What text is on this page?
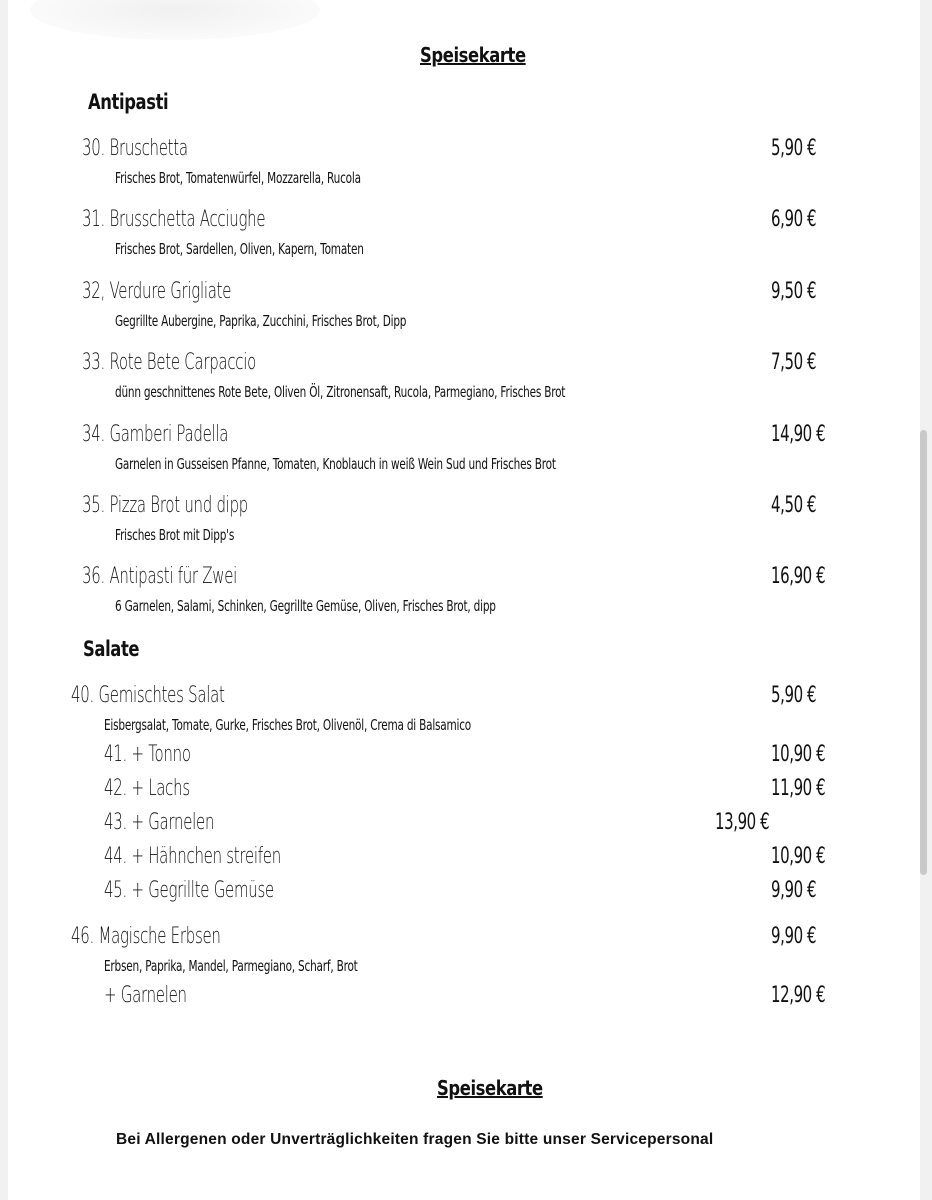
Speisekarte
Antipasti
30. Bruschetta	5,90 €
Frisches Brot, Tomatenwürfel, Mozzarella, Rucola
31. Brusschetta Acciughe	6,90 €
Frisches Brot, Sardellen, Oliven, Kapern, Tomaten
32, Verdure Grigliate	9,50 €
Gegrillte Aubergine, Paprika, Zucchini, Frisches Brot, Dipp
33. Rote Bete Carpaccio	7,50 €
dünn geschnittenes Rote Bete, Oliven Öl, Zitronensaft, Rucola, Parmegiano, Frisches Brot
34. Gamberi Padella	14,90 €
Garnelen in Gusseisen Pfanne, Tomaten, Knoblauch in weiß Wein Sud und Frisches Brot
35. Pizza Brot und dipp	4,50 €
Frisches Brot mit Dipp's
36. Antipasti für Zwei	16,90 €
6 Garnelen, Salami, Schinken, Gegrillte Gemüse, Oliven, Frisches Brot, dipp
Salate
40. Gemischtes Salat	5,90 €
Eisbergsalat, Tomate, Gurke, Frisches Brot, Olivenöl, Crema di Balsamico
41. + Tonno	10,90 €
42. + Lachs	11,90 €
43. + Garnelen	13,90 €
44. + Hähnchen streifen	10,90 €
45. + Gegrillte Gemüse	9,90 €
46. Magische Erbsen	9,90 €
Erbsen, Paprika, Mandel, Parmegiano, Scharf, Brot
+ Garnelen	12,90 €
Speisekarte
Bei Allergenen oder Unverträglichkeiten fragen Sie bitte unser Servicepersonal
